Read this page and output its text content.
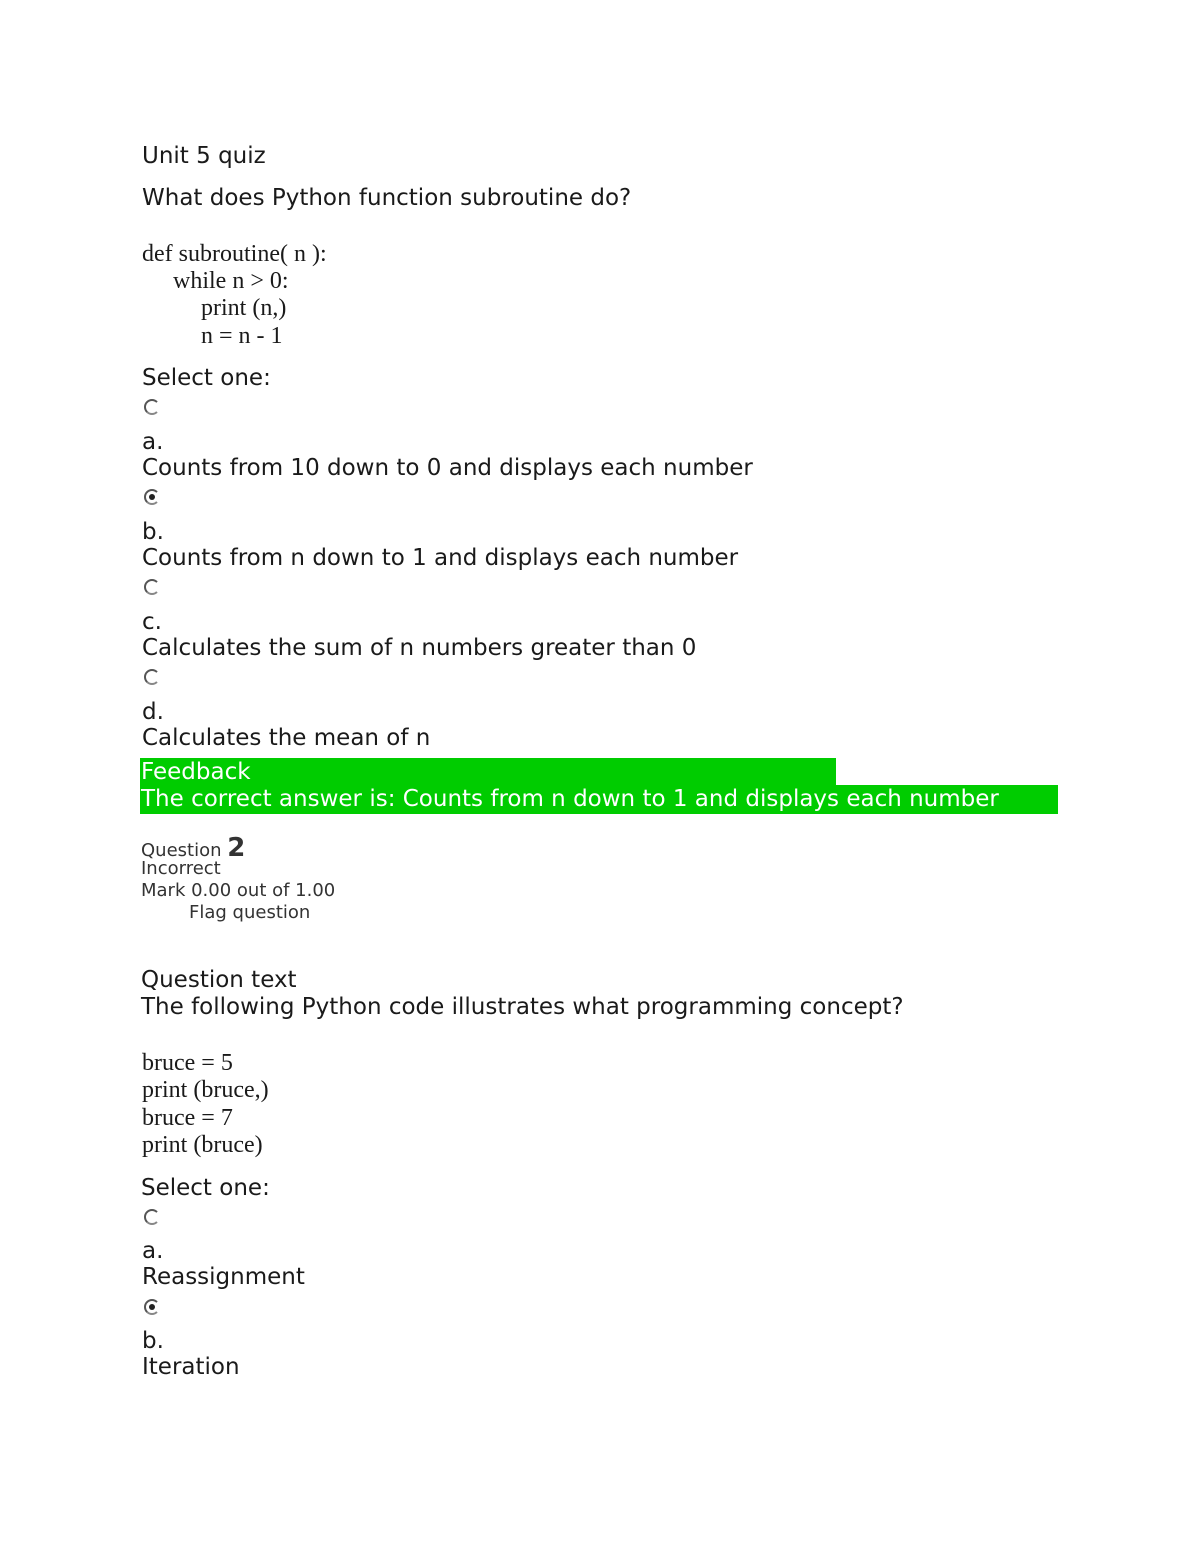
Unit 5 quiz
What does Python function subroutine do?
def subroutine( n ):
while n > 0:
print (n,)
n = n - 1
Select one:
a.
Counts from 10 down to 0 and displays each number
b.
Counts from n down to 1 and displays each number
c.
Calculates the sum of n numbers greater than 0
d.
Calculates the mean of n
Feedback
The correct answer is: Counts from n down to 1 and displays each number
Question 2
Incorrect
Mark 0.00 out of 1.00
Flag question
Question text
The following Python code illustrates what programming concept?
bruce = 5
print (bruce,)
bruce = 7
print (bruce)
Select one:
a.
Reassignment
b.
Iteration
